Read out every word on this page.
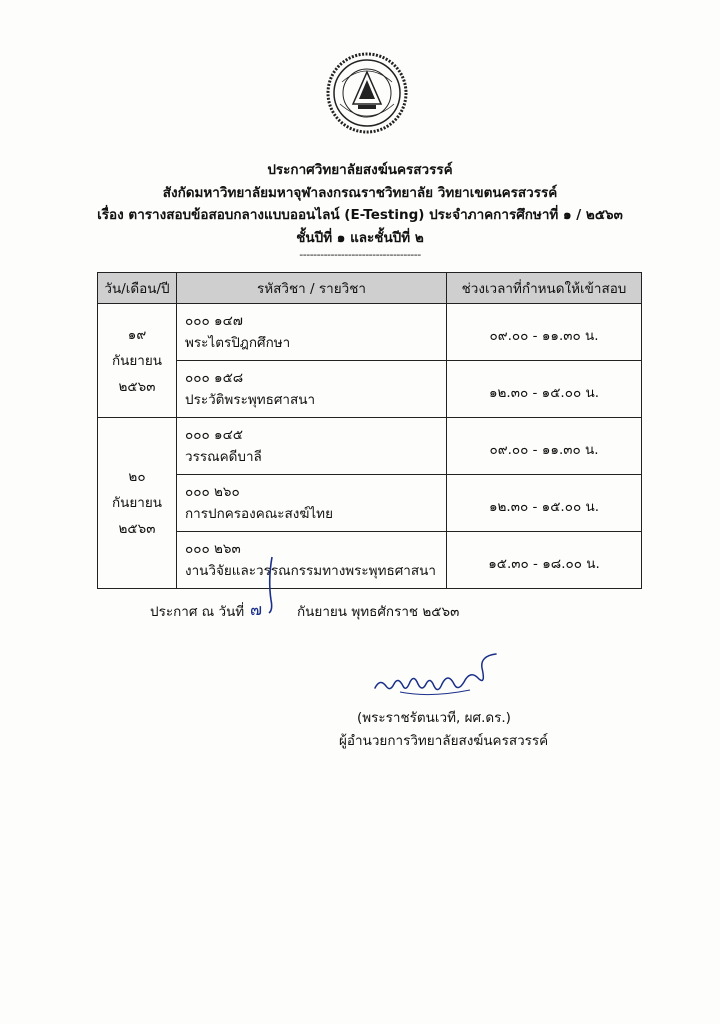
ประกาศวิทยาลัยสงฆ์นครสวรรค์
สังกัดมหาวิทยาลัยมหาจุฬาลงกรณราชวิทยาลัย วิทยาเขตนครสวรรค์
เรื่อง ตารางสอบข้อสอบกลางแบบออนไลน์ (E-Testing) ประจำภาคการศึกษาที่ ๑ / ๒๕๖๓
ชั้นปีที่ ๑ และชั้นปีที่ ๒
-----------------------------------
วัน/เดือน/ปี	รหัสวิชา / รายวิชา	ช่วงเวลาที่กำหนดให้เข้าสอบ

๑๙
กันยายน
๒๕๖๓	๐๐๐ ๑๔๗
พระไตรปิฎกศึกษา	๐๙.๐๐ - ๑๑.๓๐ น.

	๐๐๐ ๑๕๘
ประวัติพระพุทธศาสนา	๑๒.๓๐ - ๑๕.๐๐ น.

๒๐
กันยายน
๒๕๖๓	๐๐๐ ๑๔๕
วรรณคดีบาลี	๐๙.๐๐ - ๑๑.๓๐ น.

	๐๐๐ ๒๖๐
การปกครองคณะสงฆ์ไทย	๑๒.๓๐ - ๑๕.๐๐ น.

	๐๐๐ ๒๖๓
งานวิจัยและวรรณกรรมทางพระพุทธศาสนา	๑๕.๓๐ - ๑๘.๐๐ น.
ประกาศ ณ วันที่ ๗	กันยายน พุทธศักราช ๒๕๖๓
(พระราชรัตนเวที, ผศ.ดร.)
ผู้อำนวยการวิทยาลัยสงฆ์นครสวรรค์
